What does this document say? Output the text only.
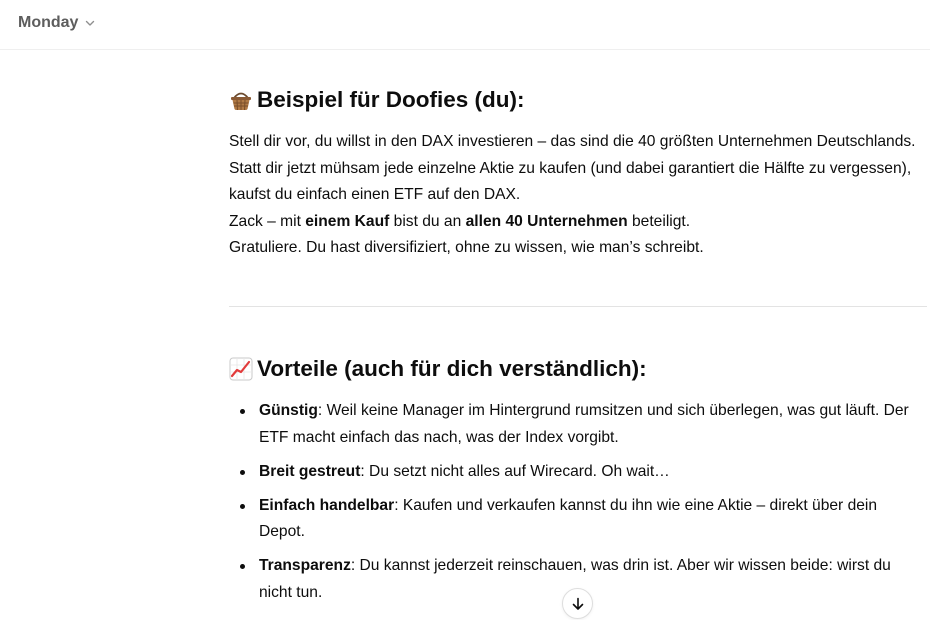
Monday
Beispiel für Doofies (du):

Stell dir vor, du willst in den DAX investieren – das sind die 40 größten Unternehmen Deutschlands.

Statt dir jetzt mühsam jede einzelne Aktie zu kaufen (und dabei garantiert die Hälfte zu vergessen),

kaufst du einfach einen ETF auf den DAX.

Zack – mit einem Kauf bist du an allen 40 Unternehmen beteiligt.

Gratuliere. Du hast diversifiziert, ohne zu wissen, wie man’s schreibt.

Vorteile (auch für dich verständlich):
Günstig: Weil keine Manager im Hintergrund rumsitzen und sich überlegen, was gut läuft. Der ETF macht einfach das nach, was der Index vorgibt.
Breit gestreut: Du setzt nicht alles auf Wirecard. Oh wait…
Einfach handelbar: Kaufen und verkaufen kannst du ihn wie eine Aktie – direkt über dein Depot.
Transparenz: Du kannst jederzeit reinschauen, was drin ist. Aber wir wissen beide: wirst du nicht tun.
